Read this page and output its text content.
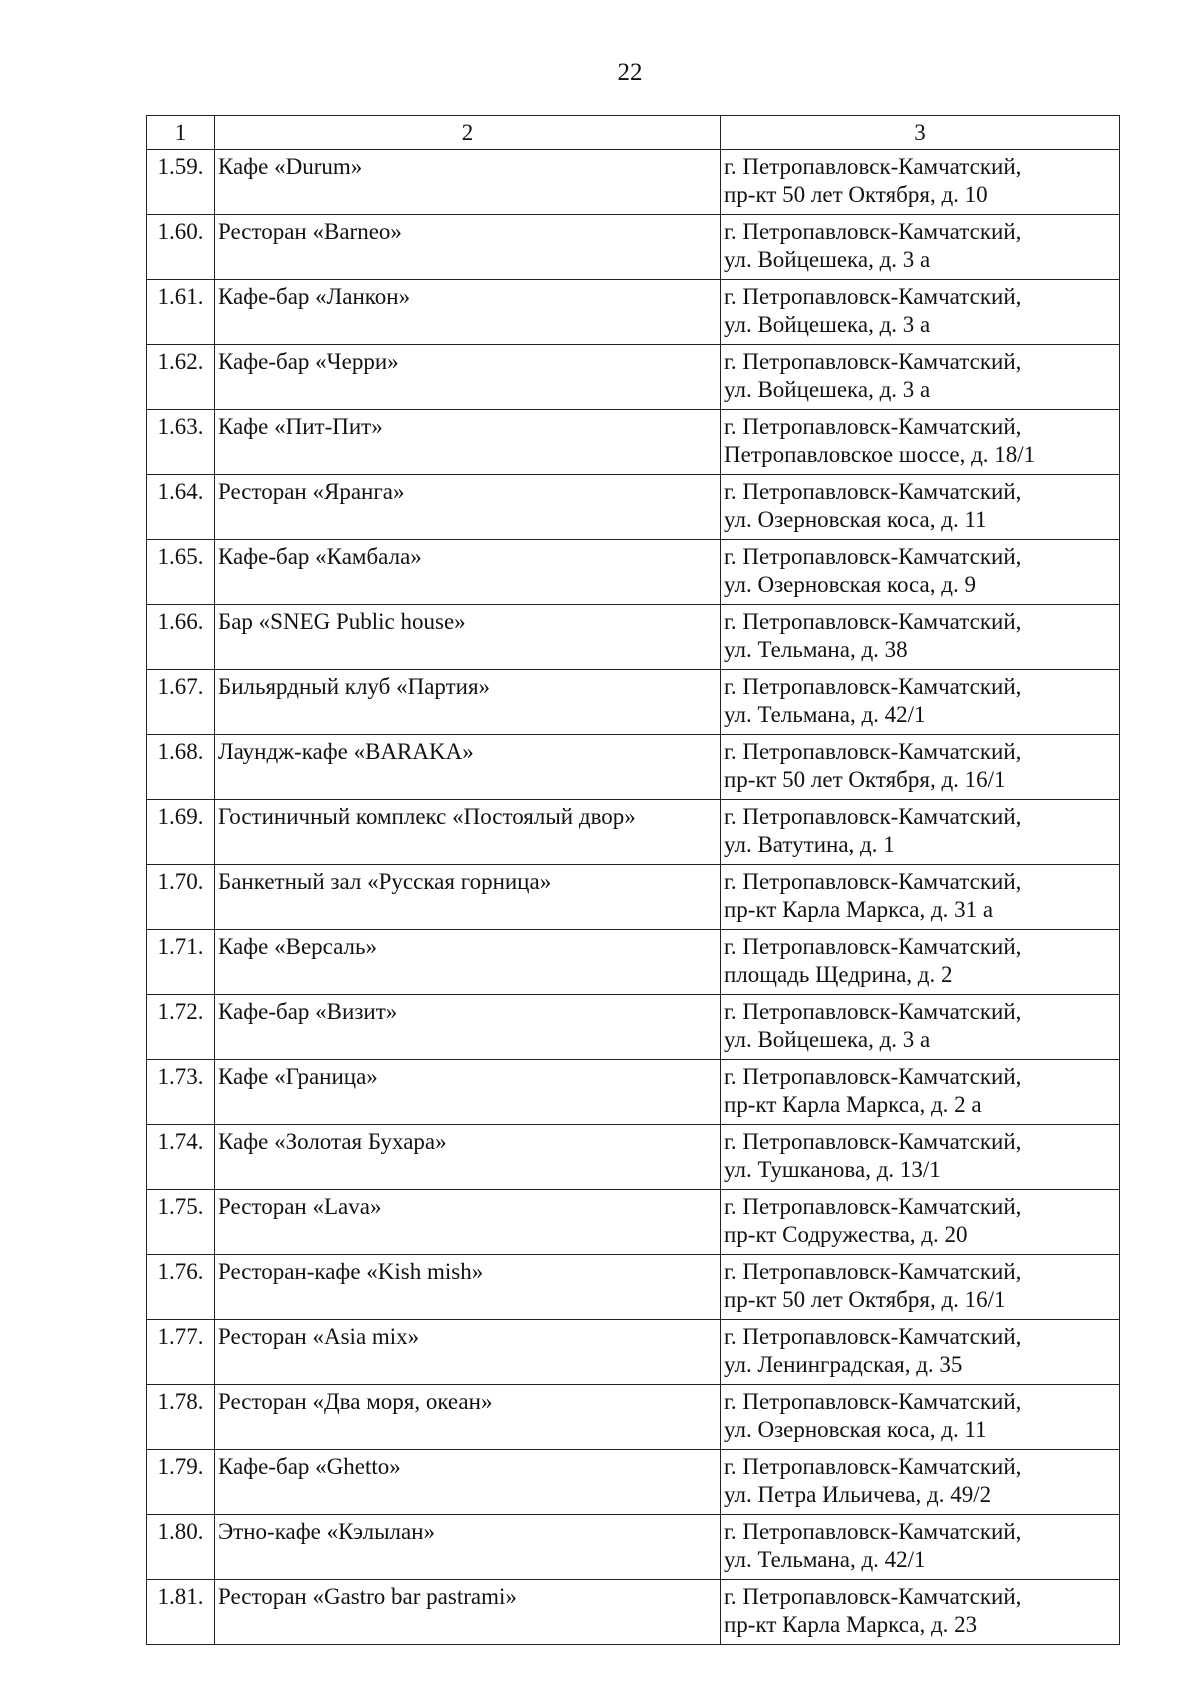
22
1	2	3
1.59.	Кафе «Durum»	г. Петропавловск-Камчатский,
пр-кт 50 лет Октября, д. 10

1.60.	Ресторан «Barneo»	г. Петропавловск-Камчатский,
ул. Войцешека, д. 3 а

1.61.	Кафе-бар «Ланкон»	г. Петропавловск-Камчатский,
ул. Войцешека, д. 3 а

1.62.	Кафе-бар «Черри»	г. Петропавловск-Камчатский,
ул. Войцешека, д. 3 а

1.63.	Кафе «Пит-Пит»	г. Петропавловск-Камчатский,
Петропавловское шоссе, д. 18/1

1.64.	Ресторан «Яранга»	г. Петропавловск-Камчатский,
ул. Озерновская коса, д. 11

1.65.	Кафе-бар «Камбала»	г. Петропавловск-Камчатский,
ул. Озерновская коса, д. 9

1.66.	Бар «SNEG Public house»	г. Петропавловск-Камчатский,
ул. Тельмана, д. 38

1.67.	Бильярдный клуб «Партия»	г. Петропавловск-Камчатский,
ул. Тельмана, д. 42/1

1.68.	Лаундж-кафе «BARAKA»	г. Петропавловск-Камчатский,
пр-кт 50 лет Октября, д. 16/1

1.69.	Гостиничный комплекс «Постоялый двор»	г. Петропавловск-Камчатский,
ул. Ватутина, д. 1

1.70.	Банкетный зал «Русская горница»	г. Петропавловск-Камчатский,
пр-кт Карла Маркса, д. 31 а

1.71.	Кафе «Версаль»	г. Петропавловск-Камчатский,
площадь Щедрина, д. 2

1.72.	Кафе-бар «Визит»	г. Петропавловск-Камчатский,
ул. Войцешека, д. 3 а

1.73.	Кафе «Граница»	г. Петропавловск-Камчатский,
пр-кт Карла Маркса, д. 2 а

1.74.	Кафе «Золотая Бухара»	г. Петропавловск-Камчатский,
ул. Тушканова, д. 13/1

1.75.	Ресторан «Lava»	г. Петропавловск-Камчатский,
пр-кт Содружества, д. 20

1.76.	Ресторан-кафе «Kish mish»	г. Петропавловск-Камчатский,
пр-кт 50 лет Октября, д. 16/1

1.77.	Ресторан «Asia mix»	г. Петропавловск-Камчатский,
ул. Ленинградская, д. 35

1.78.	Ресторан «Два моря, океан»	г. Петропавловск-Камчатский,
ул. Озерновская коса, д. 11

1.79.	Кафе-бар «Ghetto»	г. Петропавловск-Камчатский,
ул. Петра Ильичева, д. 49/2

1.80.	Этно-кафе «Кэлылан»	г. Петропавловск-Камчатский,
ул. Тельмана, д. 42/1

1.81.	Ресторан «Gastro bar pastrami»	г. Петропавловск-Камчатский,
пр-кт Карла Маркса, д. 23
